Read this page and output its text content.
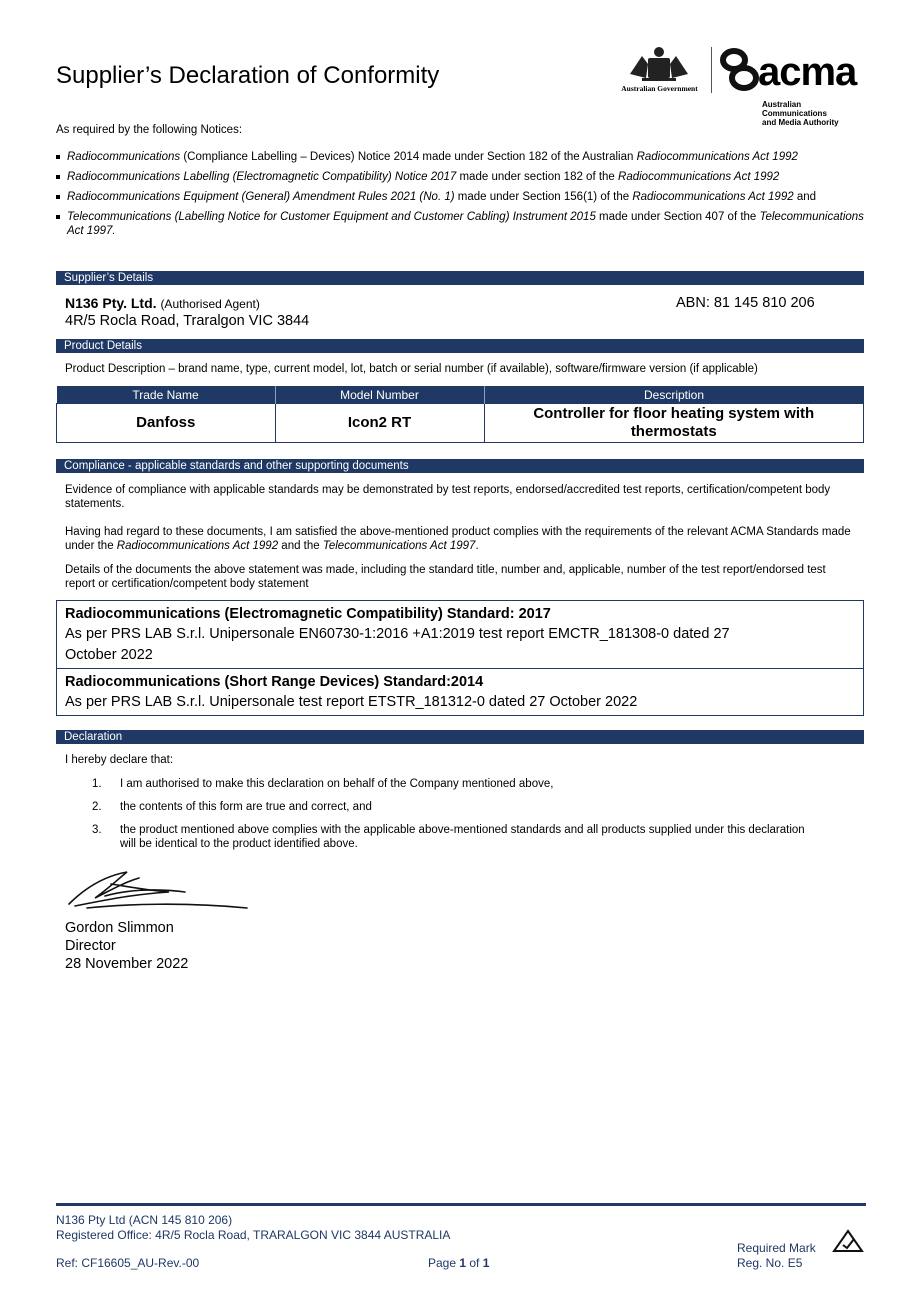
Supplier’s Declaration of Conformity	Australian Government acma
Australian
Communications
and Media Authority
As required by the following Notices:
Radiocommunications (Compliance Labelling – Devices) Notice 2014 made under Section 182 of the Australian Radiocommunications Act 1992
Radiocommunications Labelling (Electromagnetic Compatibility) Notice 2017 made under section 182 of the Radiocommunications Act 1992
Radiocommunications Equipment (General) Amendment Rules 2021 (No. 1) made under Section 156(1) of the Radiocommunications Act 1992 and
Telecommunications (Labelling Notice for Customer Equipment and Customer Cabling) Instrument 2015 made under Section 407 of the Telecommunications Act 1997.
Supplier’s Details
N136 Pty. Ltd. (Authorised Agent)
4R/5 Rocla Road, Traralgon VIC 3844
ABN: 81 145 810 206
Product Details
Product Description – brand name, type, current model, lot, batch or serial number (if available), software/firmware version (if applicable)
Trade Name	Model Number	Description
Danfoss	Icon2 RT	Controller for floor heating system with thermostats
Compliance - applicable standards and other supporting documents
Evidence of compliance with applicable standards may be demonstrated by test reports, endorsed/accredited test reports, certification/competent body statements.
Having had regard to these documents, I am satisfied the above-mentioned product complies with the requirements of the relevant ACMA Standards made under the Radiocommunications Act 1992 and the Telecommunications Act 1997.
Details of the documents the above statement was made, including the standard title, number and, applicable, number of the test report/endorsed test report or certification/competent body statement
Radiocommunications (Electromagnetic Compatibility) Standard: 2017
As per PRS LAB S.r.l. Unipersonale EN60730-1:2016 +A1:2019 test report EMCTR_181308-0 dated 27 October 2022
Radiocommunications (Short Range Devices) Standard:2014
As per PRS LAB S.r.l. Unipersonale test report ETSTR_181312-0 dated 27 October 2022
Declaration
I hereby declare that:
1. I am authorised to make this declaration on behalf of the Company mentioned above,
2. the contents of this form are true and correct, and
3. the product mentioned above complies with the applicable above-mentioned standards and all products supplied under this declaration will be identical to the product identified above.
Gordon Slimmon
Director
28 November 2022
N136 Pty Ltd (ACN 145 810 206)
Registered Office: 4R/5 Rocla Road, TRARALGON VIC 3844 AUSTRALIA
Ref: CF16605_AU-Rev.-00	Page 1 of 1
Required Mark
Reg. No. E5
